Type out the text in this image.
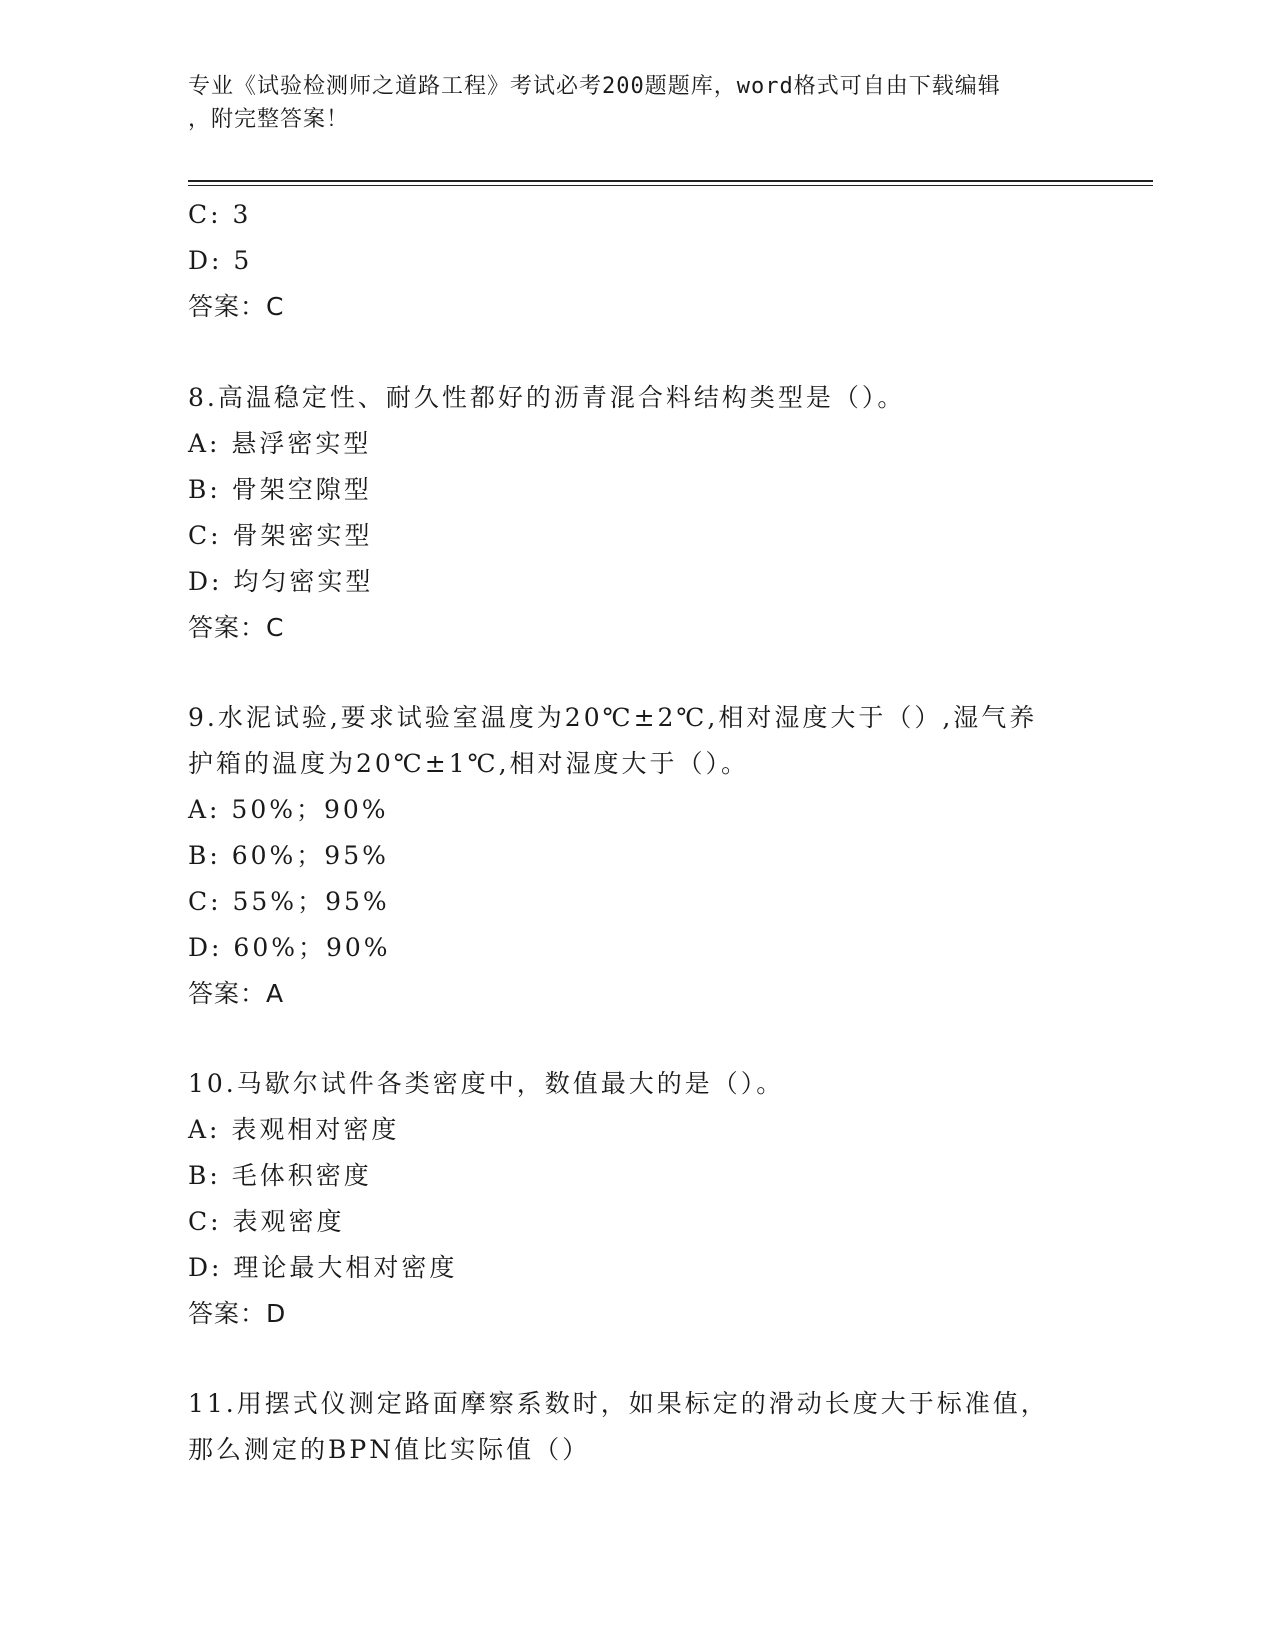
专业《试验检测师之道路工程》考试必考200题题库，word格式可自由下载编辑
，附完整答案！
C: 3
D: 5
答案：C
8.高温稳定性、耐久性都好的沥青混合料结构类型是（）。
A: 悬浮密实型
B: 骨架空隙型
C: 骨架密实型
D: 均匀密实型
答案：C
9.水泥试验,要求试验室温度为20℃±2℃,相对湿度大于（）,湿气养
护箱的温度为20℃±1℃,相对湿度大于（）。
A: 50%；90%
B: 60%；95%
C: 55%；95%
D: 60%；90%
答案：A
10.马歇尔试件各类密度中，数值最大的是（）。
A: 表观相对密度
B: 毛体积密度
C: 表观密度
D: 理论最大相对密度
答案：D
11.用摆式仪测定路面摩察系数时，如果标定的滑动长度大于标准值，
那么测定的BPN值比实际值（）
